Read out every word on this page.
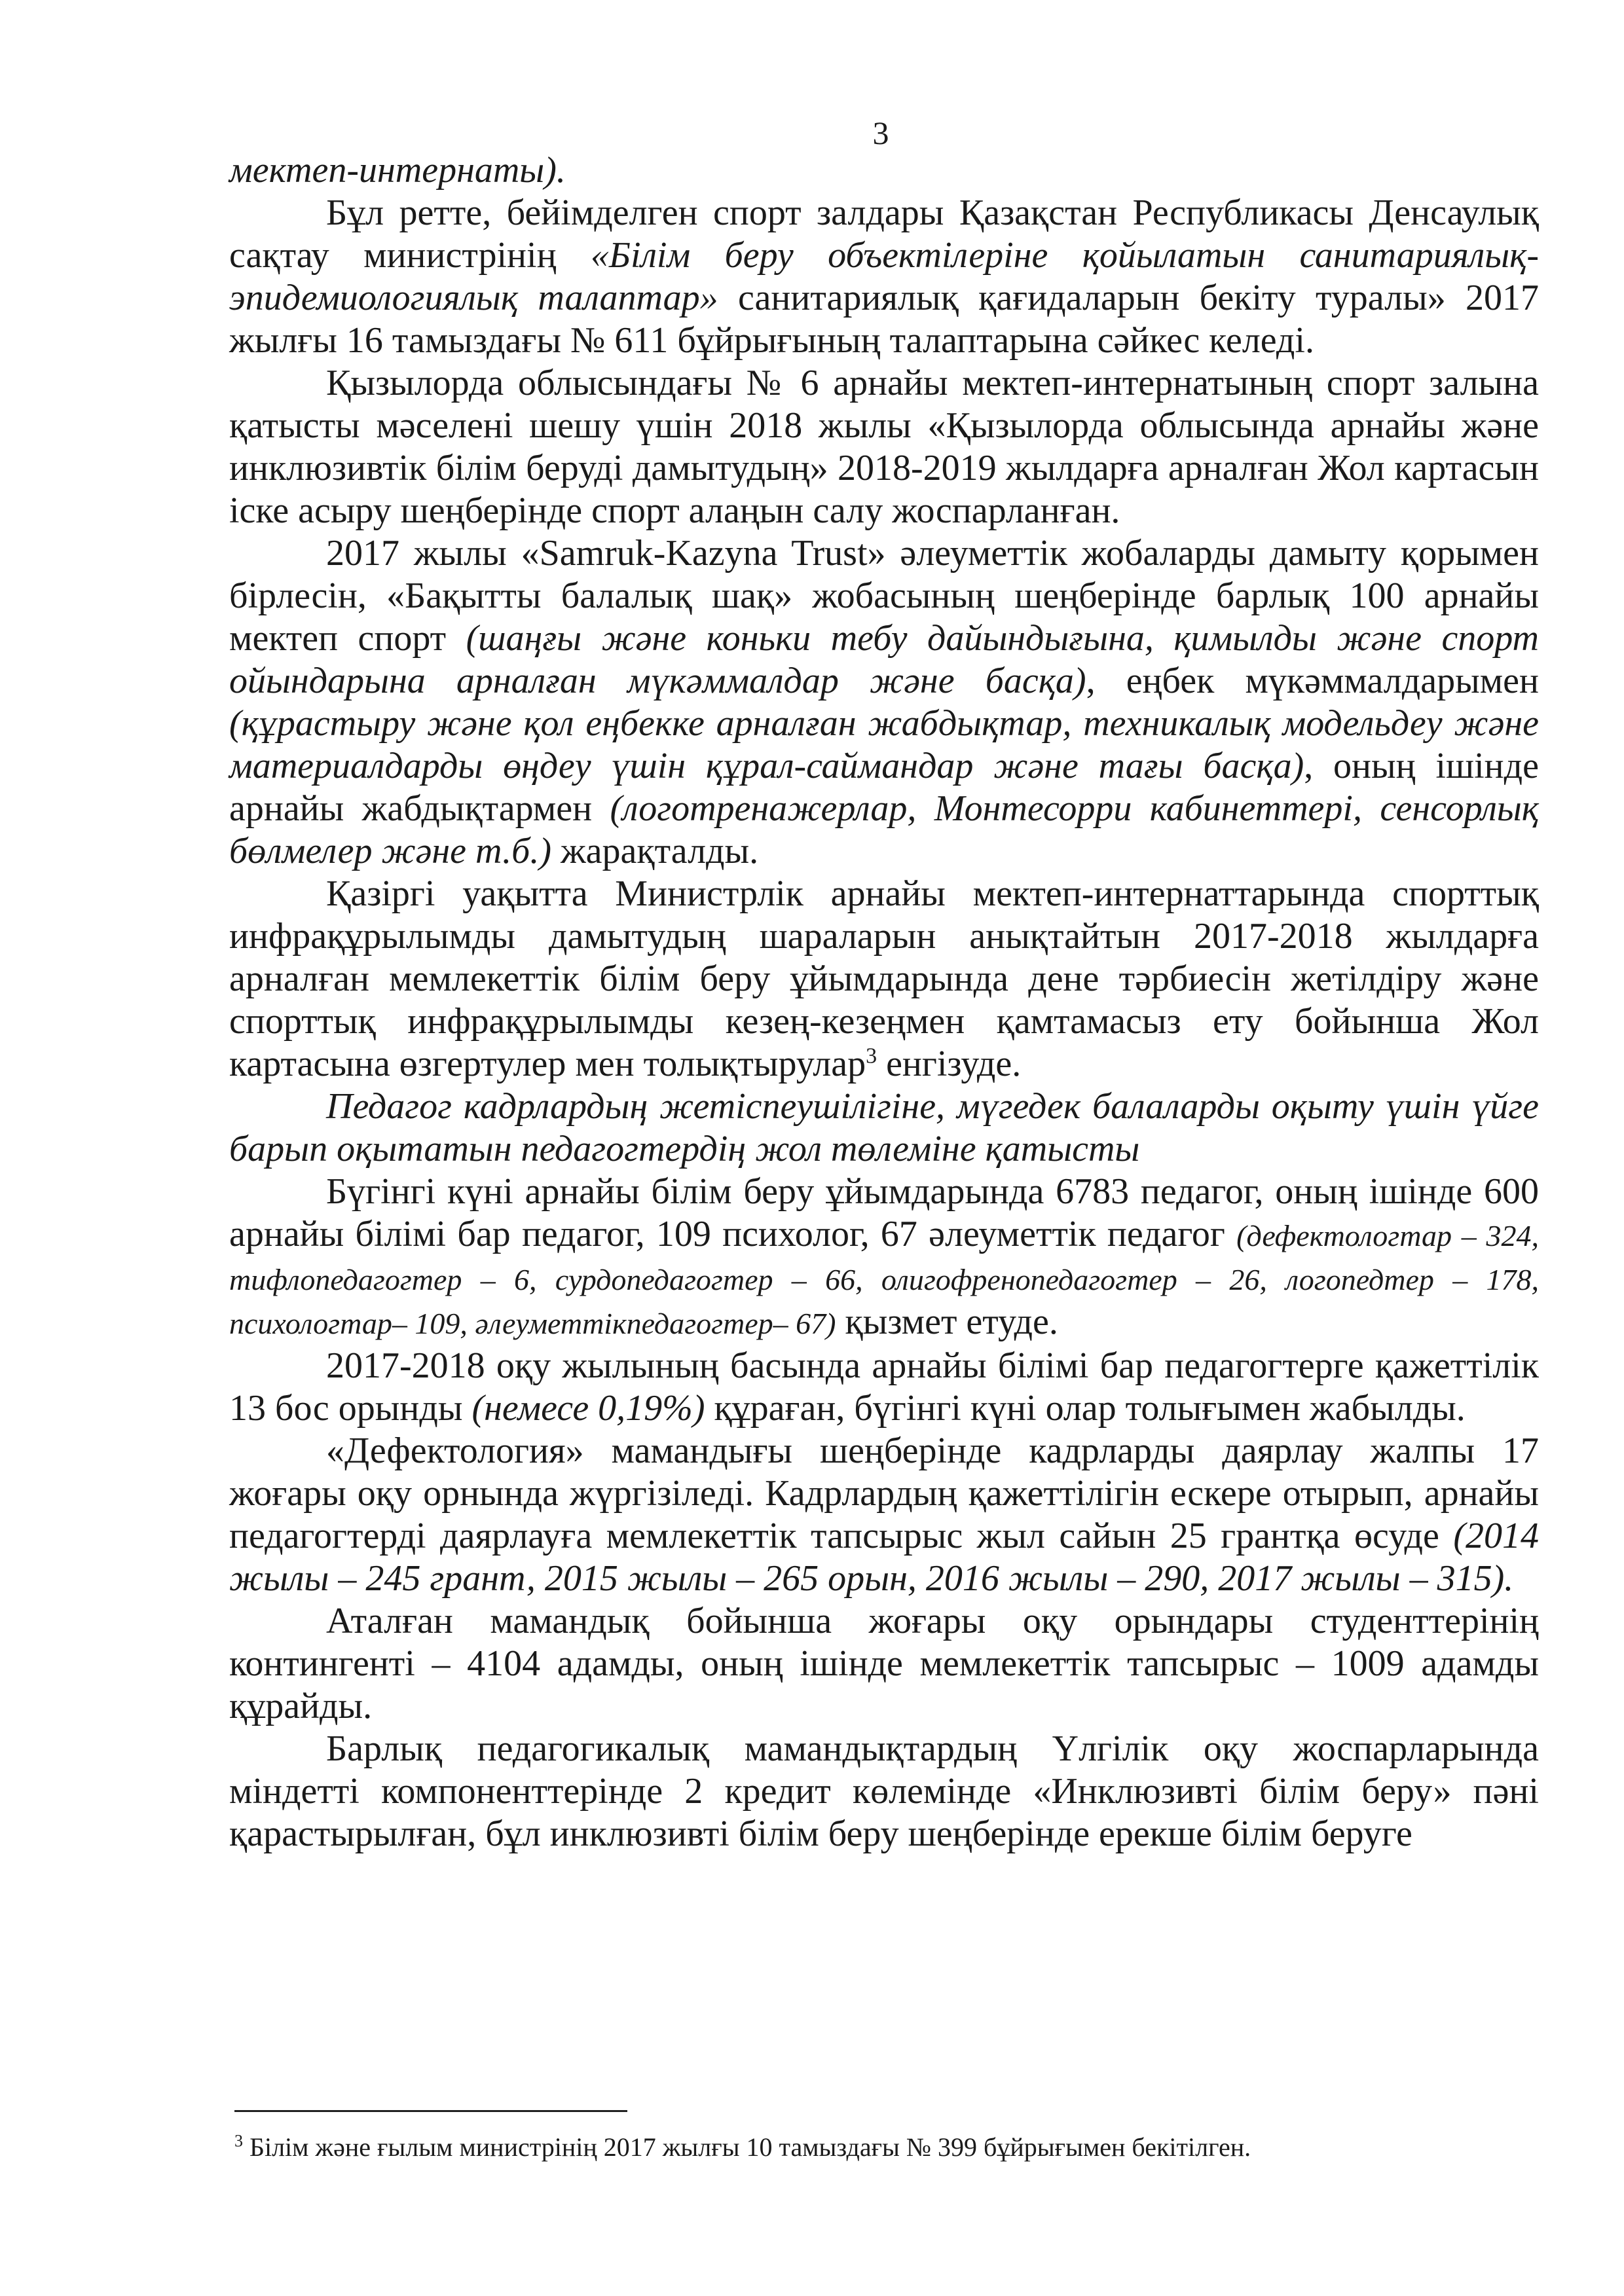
3

мектеп-интернаты).

Бұл ретте, бейімделген спорт залдары Қазақстан Республикасы Денсаулық сақтау министрінің «Білім беру объектілеріне қойылатын санитариялық-эпидемиологиялық талаптар» санитариялық қағидаларын бекіту туралы» 2017 жылғы 16 тамыздағы № 611 бұйрығының талаптарына сәйкес келеді.

Қызылорда облысындағы № 6 арнайы мектеп-интернатының спорт залына қатысты мәселені шешу үшін 2018 жылы «Қызылорда облысында арнайы және инклюзивтік білім беруді дамытудың» 2018-2019 жылдарға арналған Жол картасын іске асыру шеңберінде спорт алаңын салу жоспарланған.

2017 жылы «Samruk-Kazyna Trust» әлеуметтік жобаларды дамыту қорымен бірлесін, «Бақытты балалық шақ» жобасының шеңберінде барлық 100 арнайы мектеп спорт (шаңғы және коньки тебу дайындығына, қимылды және спорт ойындарына арналған мүкәммалдар және басқа), еңбек мүкәммалдарымен (құрастыру және қол еңбекке арналған жабдықтар, техникалық модельдеу және материалдарды өңдеу үшін құрал-саймандар және тағы басқа), оның ішінде арнайы жабдықтармен (логотренажерлар, Монтесорри кабинеттері, сенсорлық бөлмелер және т.б.) жарақталды.

Қазіргі уақытта Министрлік арнайы мектеп-интернаттарында спорттық инфрақұрылымды дамытудың шараларын анықтайтын 2017-2018 жылдарға арналған мемлекеттік білім беру ұйымдарында дене тәрбиесін жетілдіру және спорттық инфрақұрылымды кезең-кезеңмен қамтамасыз ету бойынша Жол картасына өзгертулер мен толықтырулар$^3$ енгізуде.

Педагог кадрлардың жетіспеушілігіне, мүгедек балаларды оқыту үшін үйге барып оқытатын педагогтердің жол төлеміне қатысты

Бүгінгі күні арнайы білім беру ұйымдарында 6783 педагог, оның ішінде 600 арнайы білімі бар педагог, 109 психолог, 67 әлеуметтік педагог (дефектологтар – 324, тифлопедагогтер – 6, сурдопедагогтер – 66, олигофренопедагогтер – 26, логопедтер – 178, психологтар– 109, әлеуметтікпедагогтер– 67) қызмет етуде.

2017-2018 оқу жылының басында арнайы білімі бар педагогтерге қажеттілік 13 бос орынды (немесе 0,19%) құраған, бүгінгі күні олар толығымен жабылды.

«Дефектология» мамандығы шеңберінде кадрларды даярлау жалпы 17 жоғары оқу орнында жүргізіледі. Кадрлардың қажеттілігін ескере отырып, арнайы педагогтерді даярлауға мемлекеттік тапсырыс жыл сайын 25 грантқа өсуде (2014 жылы – 245 грант, 2015 жылы – 265 орын, 2016 жылы – 290, 2017 жылы – 315).

Аталған мамандық бойынша жоғары оқу орындары студенттерінің контингенті – 4104 адамды, оның ішінде мемлекеттік тапсырыс – 1009 адамды құрайды.

Барлық педагогикалық мамандықтардың Үлгілік оқу жоспарларында міндетті компоненттерінде 2 кредит көлемінде «Инклюзивті білім беру» пәні қарастырылған, бұл инклюзивті білім беру шеңберінде ерекше білім беруге

$^3$ Білім және ғылым министрінің 2017 жылғы 10 тамыздағы № 399 бұйрығымен бекітілген.
